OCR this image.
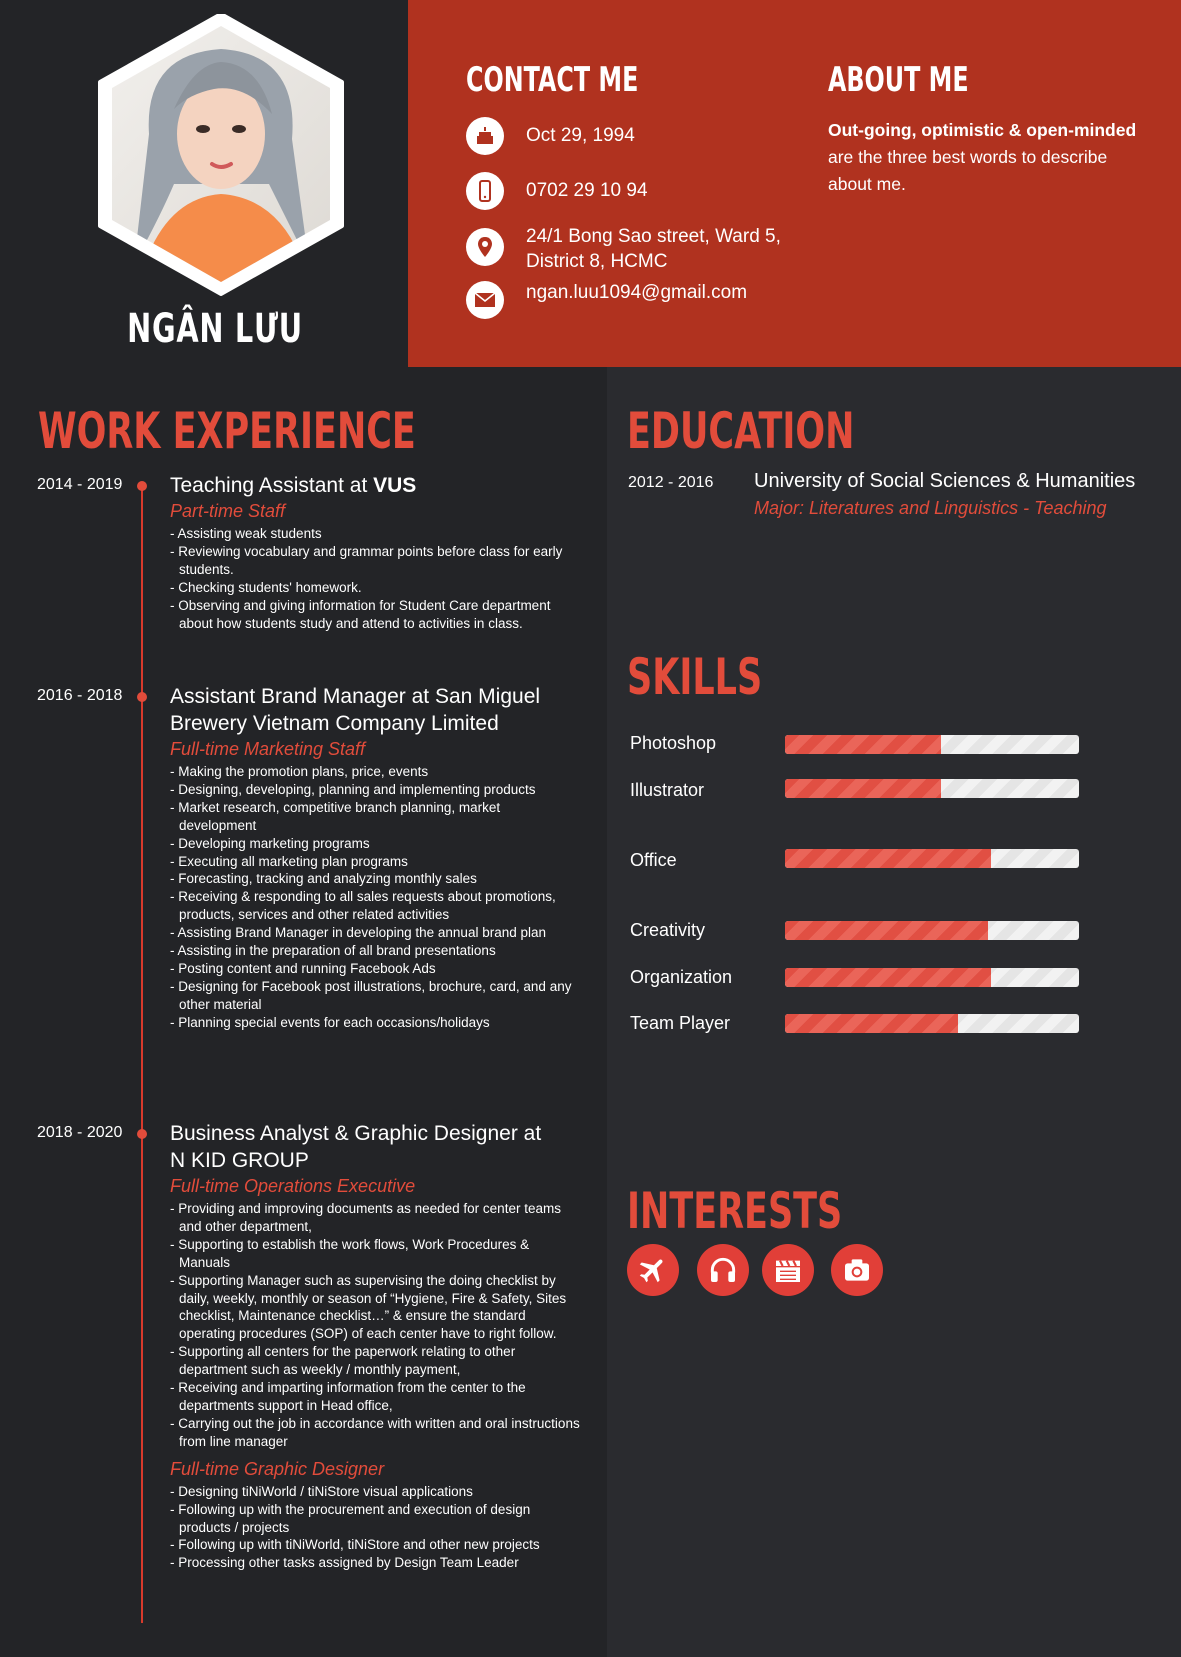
NGÂN LƯU
CONTACT ME
Oct 29, 1994
0702 29 10 94
24/1 Bong Sao street, Ward 5, District 8, HCMC
ngan.luu1094@gmail.com
ABOUT ME
Out-going, optimistic & open-minded are the three best words to describe about me.
WORK EXPERIENCE
2014 - 2019 Teaching Assistant at VUS
Part-time Staff
- Assisting weak students
- Reviewing vocabulary and grammar points before class for early students.
- Checking students' homework.
- Observing and giving information for Student Care department about how students study and attend to activities in class.
2016 - 2018 Assistant Brand Manager at San Miguel Brewery Vietnam Company Limited
Full-time Marketing Staff
- Making the promotion plans, price, events
- Designing, developing, planning and implementing products
- Market research, competitive branch planning, market development
- Developing marketing programs
- Executing all marketing plan programs
- Forecasting, tracking and analyzing monthly sales
- Receiving & responding to all sales requests about promotions, products, services and other related activities
- Assisting Brand Manager in developing the annual brand plan
- Assisting in the preparation of all brand presentations
- Posting content and running Facebook Ads
- Designing for Facebook post illustrations, brochure, card, and any other material
- Planning special events for each occasions/holidays
2018 - 2020 Business Analyst & Graphic Designer at N KID GROUP
Full-time Operations Executive
- Providing and improving documents as needed for center teams and other department,
- Supporting to establish the work flows, Work Procedures & Manuals
- Supporting Manager such as supervising the doing checklist by daily, weekly, monthly or season of “Hygiene, Fire & Safety, Sites checklist, Maintenance checklist…” & ensure the standard operating procedures (SOP) of each center have to right follow.
- Supporting all centers for the paperwork relating to other department such as weekly / monthly payment,
- Receiving and imparting information from the center to the departments support in Head office,
- Carrying out the job in accordance with written and oral instructions from line manager
Full-time Graphic Designer
- Designing tiNiWorld / tiNiStore visual applications
- Following up with the procurement and execution of design products / projects
- Following up with tiNiWorld, tiNiStore and other new projects
- Processing other tasks assigned by Design Team Leader
EDUCATION
2012 - 2016 University of Social Sciences & Humanities
Major: Literatures and Linguistics - Teaching
SKILLS
Photoshop
Illustrator
Office
Creativity
Organization
Team Player
INTERESTS
